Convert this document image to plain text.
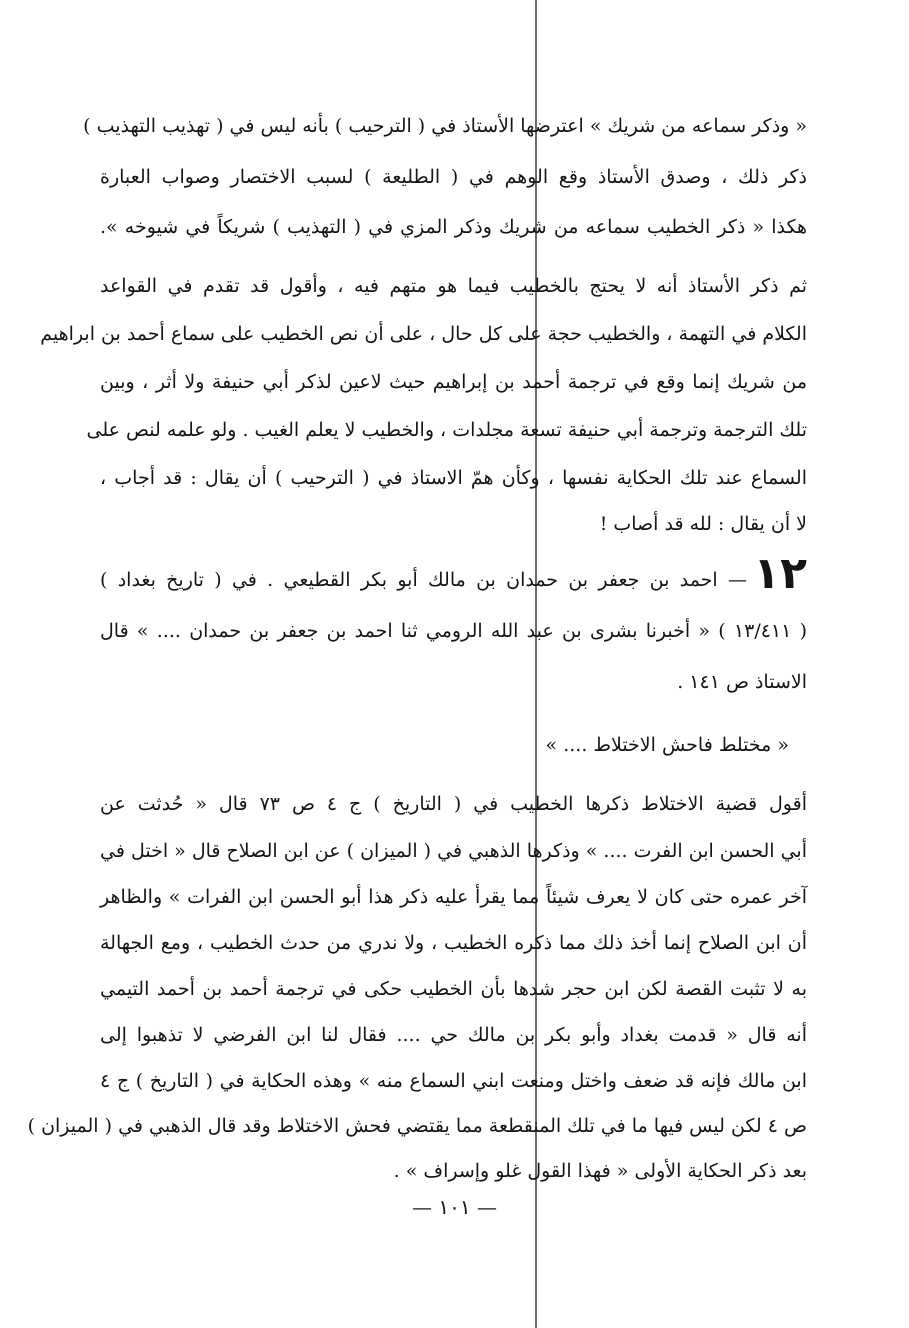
« وذكر سماعه من شريك » اعترضها الأستاذ في ( الترحيب ) بأنه ليس في ( تهذيب التهذيب )
ذكر ذلك ، وصدق الأستاذ وقع الوهم في ( الطليعة ) لسبب الاختصار وصواب العبارة
هكذا « ذكر الخطيب سماعه من شريك وذكر المزي في ( التهذيب ) شريكاً في شيوخه ».
ثم ذكر الأستاذ أنه لا يحتج بالخطيب فيما هو متهم فيه ، وأقول قد تقدم في القواعد
الكلام في التهمة ، والخطيب حجة على كل حال ، على أن نص الخطيب على سماع أحمد بن ابراهيم
من شريك إنما وقع في ترجمة أحمد بن إبراهيم حيث لاعين لذكر أبي حنيفة ولا أثر ، وبين
تلك الترجمة وترجمة أبي حنيفة تسعة مجلدات ، والخطيب لا يعلم الغيب . ولو علمه لنص على
السماع عند تلك الحكاية نفسها ، وكأن همّ الاستاذ في ( الترحيب ) أن يقال : قد أجاب ،
لا أن يقال : لله قد أصاب !
١٢
— احمد بن جعفر بن حمدان بن مالك أبو بكر القطيعي . في ( تاريخ بغداد )
( ١٣/٤١١ ) « أخبرنا بشرى بن عبد الله الرومي ثنا احمد بن جعفر بن حمدان .... » قال
الاستاذ ص ١٤١ .
« مختلط فاحش الاختلاط .... »
أقول قضية الاختلاط ذكرها الخطيب في ( التاريخ ) ج ٤ ص ٧٣ قال « حُدثت عن
أبي الحسن ابن الفرت .... » وذكرها الذهبي في ( الميزان ) عن ابن الصلاح قال « اختل في
آخر عمره حتى كان لا يعرف شيئاً مما يقرأ عليه ذكر هذا أبو الحسن ابن الفرات » والظاهر
أن ابن الصلاح إنما أخذ ذلك مما ذكره الخطيب ، ولا ندري من حدث الخطيب ، ومع الجهالة
به لا تثبت القصة لكن ابن حجر شدها بأن الخطيب حكى في ترجمة أحمد بن أحمد التيمي
أنه قال « قدمت بغداد وأبو بكر بن مالك حي .... فقال لنا ابن الفرضي لا تذهبوا إلى
ابن مالك فإنه قد ضعف واختل ومنعت ابني السماع منه » وهذه الحكاية في ( التاريخ ) ج ٤
ص ٤ لكن ليس فيها ما في تلك المنقطعة مما يقتضي فحش الاختلاط وقد قال الذهبي في ( الميزان )
بعد ذكر الحكاية الأولى « فهذا القول غلو وإسراف » .
— ١٠١ —
